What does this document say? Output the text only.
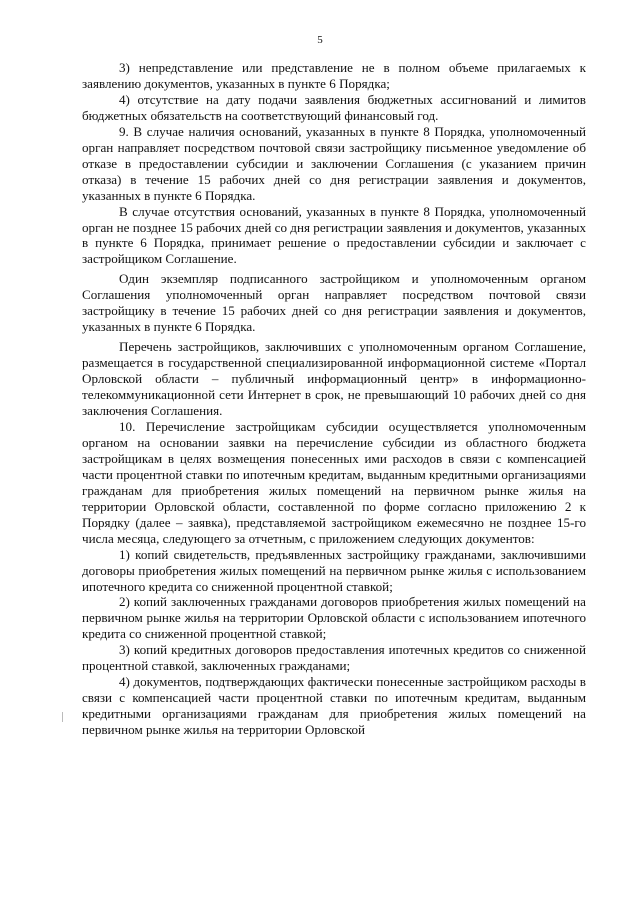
5

3) непредставление или представление не в полном объеме прилагаемых к заявлению документов, указанных в пункте 6 Порядка;

4) отсутствие на дату подачи заявления бюджетных ассигнований и лимитов бюджетных обязательств на соответствующий финансовый год.

9. В случае наличия оснований, указанных в пункте 8 Порядка, уполномоченный орган направляет посредством почтовой связи застройщику письменное уведомление об отказе в предоставлении субсидии и заключении Соглашения (с указанием причин отказа) в течение 15 рабочих дней со дня регистрации заявления и документов, указанных в пункте 6 Порядка.

В случае отсутствия оснований, указанных в пункте 8 Порядка, уполномоченный орган не позднее 15 рабочих дней со дня регистрации заявления и документов, указанных в пункте 6 Порядка, принимает решение о предоставлении субсидии и заключает с застройщиком Соглашение.

Один экземпляр подписанного застройщиком и уполномоченным органом Соглашения уполномоченный орган направляет посредством почтовой связи застройщику в течение 15 рабочих дней со дня регистрации заявления и документов, указанных в пункте 6 Порядка.

Перечень застройщиков, заключивших с уполномоченным органом Соглашение, размещается в государственной специализированной информационной системе «Портал Орловской области – публичный информационный центр» в информационно-телекоммуникационной сети Интернет в срок, не превышающий 10 рабочих дней со дня заключения Соглашения.

10. Перечисление застройщикам субсидии осуществляется уполномоченным органом на основании заявки на перечисление субсидии из областного бюджета застройщикам в целях возмещения понесенных ими расходов в связи с компенсацией части процентной ставки по ипотечным кредитам, выданным кредитными организациями гражданам для приобретения жилых помещений на первичном рынке жилья на территории Орловской области, составленной по форме согласно приложению 2 к Порядку (далее – заявка), представляемой застройщиком ежемесячно не позднее 15-го числа месяца, следующего за отчетным, с приложением следующих документов:

1) копий свидетельств, предъявленных застройщику гражданами, заключившими договоры приобретения жилых помещений на первичном рынке жилья с использованием ипотечного кредита со сниженной процентной ставкой;

2) копий заключенных гражданами договоров приобретения жилых помещений на первичном рынке жилья на территории Орловской области с использованием ипотечного кредита со сниженной процентной ставкой;

3) копий кредитных договоров предоставления ипотечных кредитов со сниженной процентной ставкой, заключенных гражданами;

4) документов, подтверждающих фактически понесенные застройщиком расходы в связи с компенсацией части процентной ставки по ипотечным кредитам, выданным кредитными организациями гражданам для приобретения жилых помещений на первичном рынке жилья на территории Орловской
